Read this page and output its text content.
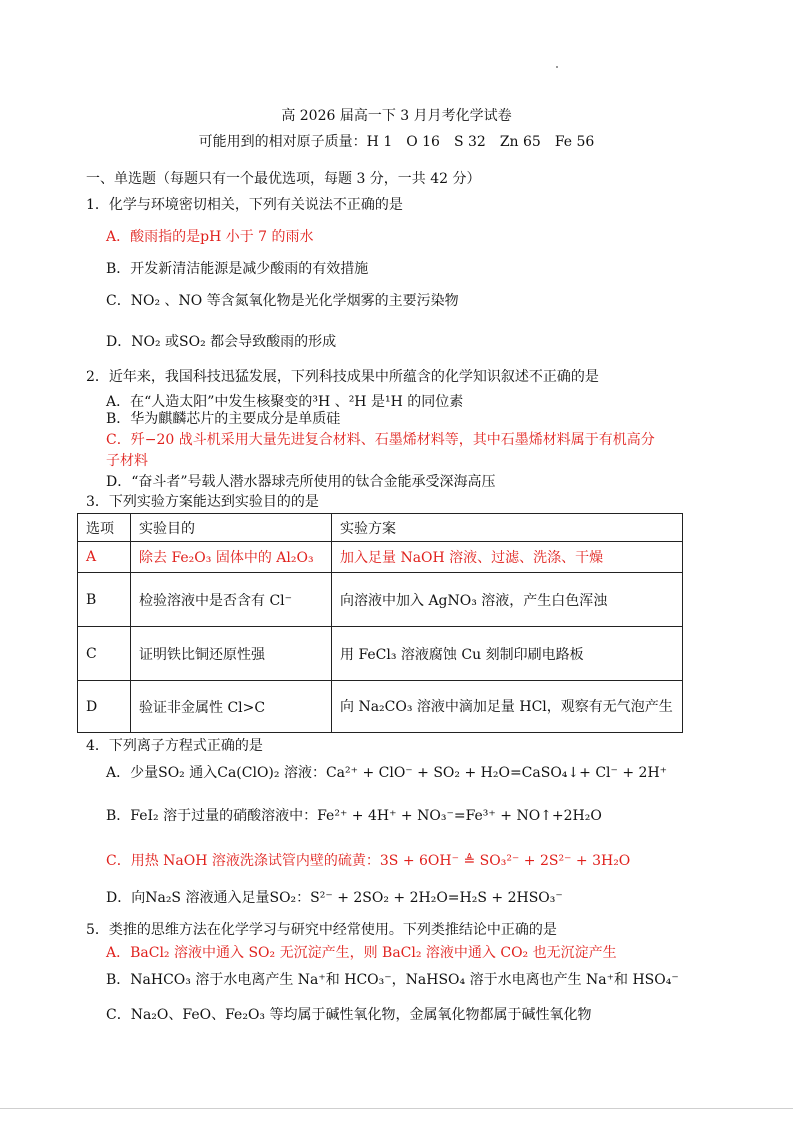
高 2026 届高一下 3 月月考化学试卷
可能用到的相对原子质量：H 1　O 16　S 32　Zn 65　Fe 56
一、单选题（每题只有一个最优选项，每题 3 分，一共 42 分）
1．化学与环境密切相关，下列有关说法不正确的是
A．酸雨指的是pH 小于 7 的雨水
B．开发新清洁能源是减少酸雨的有效措施
C．NO₂ 、NO 等含氮氧化物是光化学烟雾的主要污染物
D．NO₂ 或SO₂ 都会导致酸雨的形成
2．近年来，我国科技迅猛发展，下列科技成果中所蕴含的化学知识叙述不正确的是
A．在“人造太阳”中发生核聚变的³H 、²H 是¹H 的同位素
B．华为麒麟芯片的主要成分是单质硅
C．歼−20 战斗机采用大量先进复合材料、石墨烯材料等，其中石墨烯材料属于有机高分
子材料
D．“奋斗者”号载人潜水器球壳所使用的钛合金能承受深海高压
3．下列实验方案能达到实验目的的是
选项	实验目的	实验方案
A	除去 Fe₂O₃ 固体中的 Al₂O₃	加入足量 NaOH 溶液、过滤、洗涤、干燥
B	检验溶液中是否含有 Cl⁻	向溶液中加入 AgNO₃ 溶液，产生白色浑浊
C	证明铁比铜还原性强	用 FeCl₃ 溶液腐蚀 Cu 刻制印刷电路板
D	验证非金属性 Cl>C	向 Na₂CO₃ 溶液中滴加足量 HCl，观察有无气泡产生
4．下列离子方程式正确的是
A．少量SO₂ 通入Ca(ClO)₂ 溶液：Ca²⁺ + ClO⁻ + SO₂ + H₂O=CaSO₄↓+ Cl⁻ + 2H⁺
B．FeI₂ 溶于过量的硝酸溶液中：Fe²⁺ + 4H⁺ + NO₃⁻=Fe³⁺ + NO↑+2H₂O
C．用热 NaOH 溶液洗涤试管内壁的硫黄：3S + 6OH⁻ ≜ SO₃²⁻ + 2S²⁻ + 3H₂O
D．向Na₂S 溶液通入足量SO₂：S²⁻ + 2SO₂ + 2H₂O=H₂S + 2HSO₃⁻
5．类推的思维方法在化学学习与研究中经常使用。下列类推结论中正确的是
A．BaCl₂ 溶液中通入 SO₂ 无沉淀产生，则 BaCl₂ 溶液中通入 CO₂ 也无沉淀产生
B．NaHCO₃ 溶于水电离产生 Na⁺和 HCO₃⁻，NaHSO₄ 溶于水电离也产生 Na⁺和 HSO₄⁻
C．Na₂O、FeO、Fe₂O₃ 等均属于碱性氧化物，金属氧化物都属于碱性氧化物
